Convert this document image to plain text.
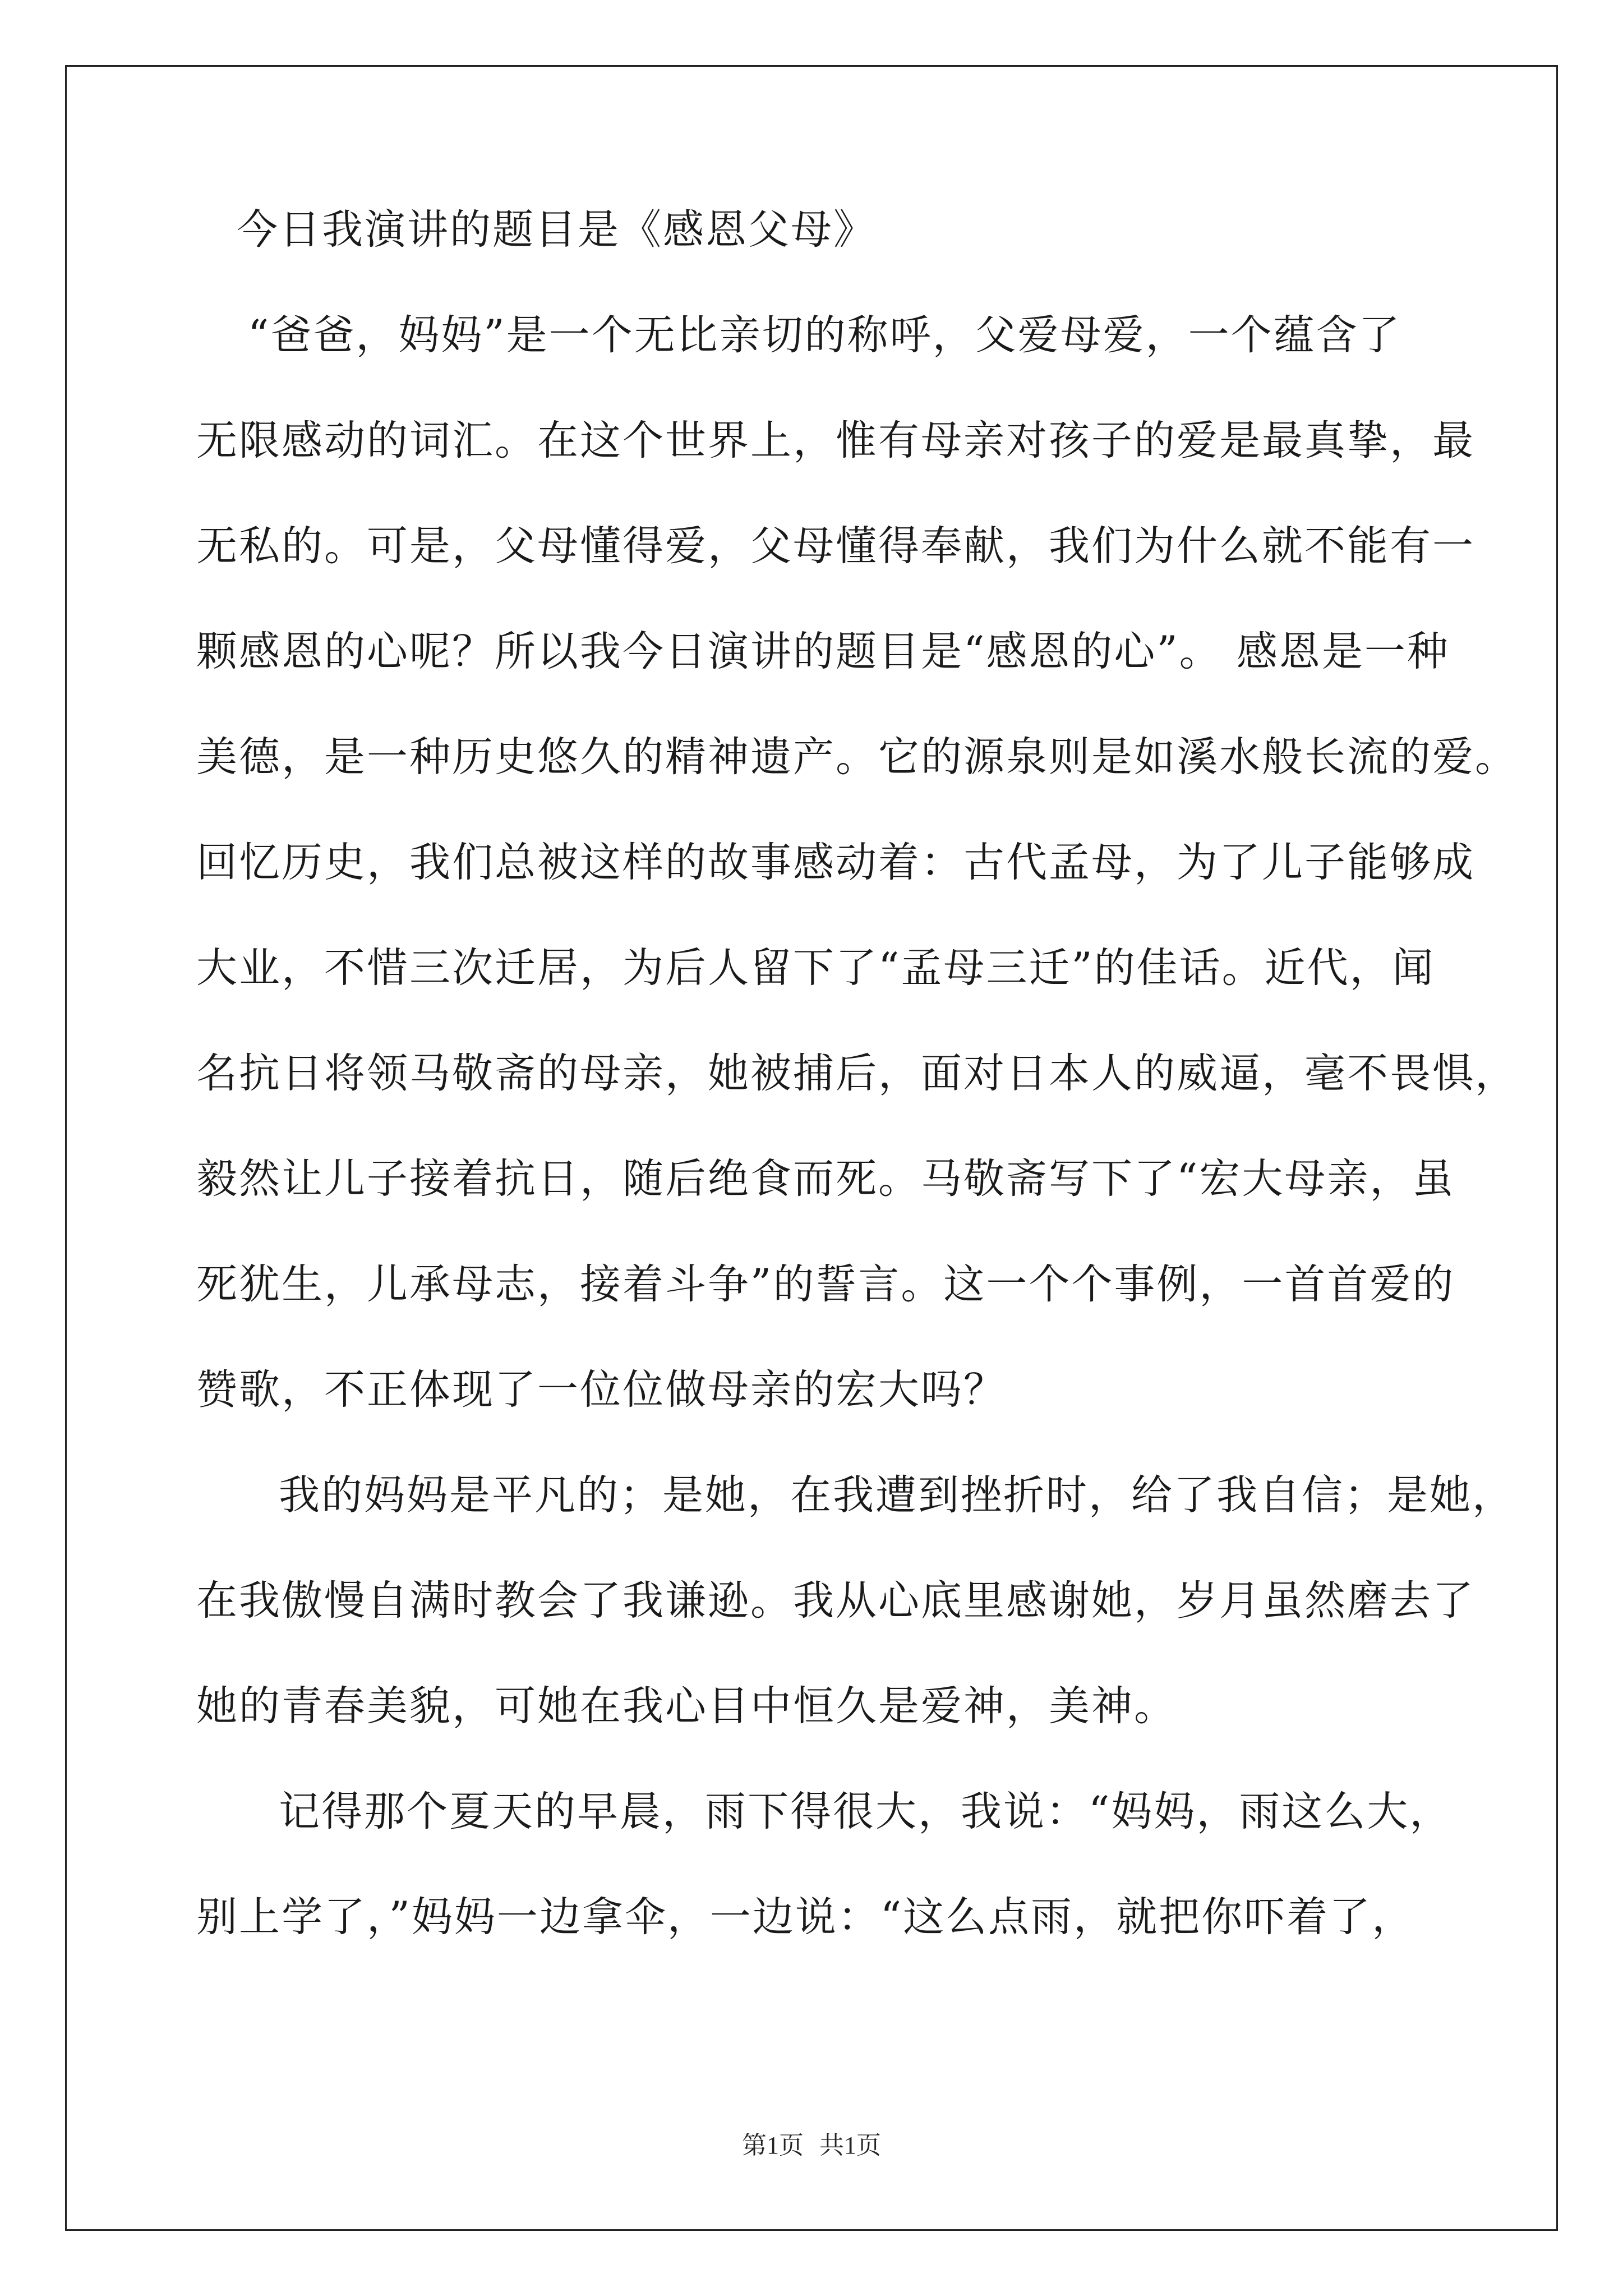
今日我演讲的题目是《感恩父母》
“爸爸，妈妈”是一个无比亲切的称呼，父爱母爱，一个蕴含了
无限感动的词汇。在这个世界上，惟有母亲对孩子的爱是最真挚，最
无私的。可是，父母懂得爱，父母懂得奉献，我们为什么就不能有一
颗感恩的心呢？所以我今日演讲的题目是“感恩的心”。 感恩是一种
美德，是一种历史悠久的精神遗产。它的源泉则是如溪水般长流的爱。
回忆历史，我们总被这样的故事感动着：古代孟母，为了儿子能够成
大业，不惜三次迁居，为后人留下了“孟母三迁”的佳话。近代，闻
名抗日将领马敬斋的母亲，她被捕后，面对日本人的威逼，毫不畏惧，
毅然让儿子接着抗日，随后绝食而死。马敬斋写下了“宏大母亲，虽
死犹生，儿承母志，接着斗争”的誓言。这一个个事例，一首首爱的
赞歌，不正体现了一位位做母亲的宏大吗？
我的妈妈是平凡的；是她，在我遭到挫折时，给了我自信；是她，
在我傲慢自满时教会了我谦逊。我从心底里感谢她，岁月虽然磨去了
她的青春美貌，可她在我心目中恒久是爱神，美神。
记得那个夏天的早晨，雨下得很大，我说：“妈妈，雨这么大，
别上学了，”妈妈一边拿伞，一边说：“这么点雨，就把你吓着了，
第1页 共1页
